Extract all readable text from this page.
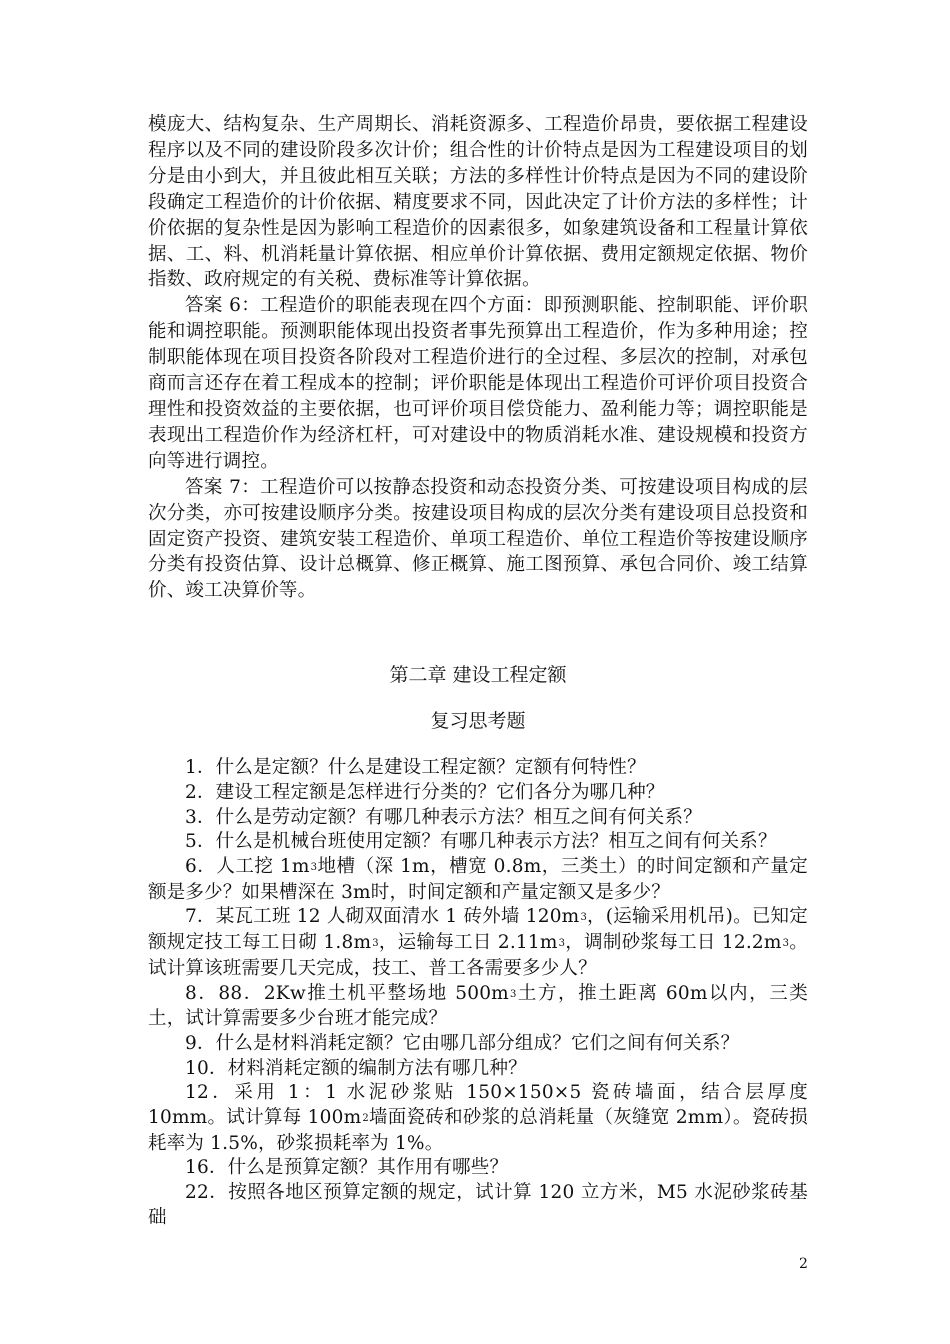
模庞大、结构复杂、生产周期长、消耗资源多、工程造价昂贵，要依据工程建设程序以及不同的建设阶段多次计价；组合性的计价特点是因为工程建设项目的划分是由小到大，并且彼此相互关联；方法的多样性计价特点是因为不同的建设阶段确定工程造价的计价依据、精度要求不同，因此决定了计价方法的多样性；计价依据的复杂性是因为影响工程造价的因素很多，如象建筑设备和工程量计算依据、工、料、机消耗量计算依据、相应单价计算依据、费用定额规定依据、物价指数、政府规定的有关税、费标准等计算依据。

答案 6：工程造价的职能表现在四个方面：即预测职能、控制职能、评价职能和调控职能。预测职能体现出投资者事先预算出工程造价，作为多种用途；控制职能体现在项目投资各阶段对工程造价进行的全过程、多层次的控制，对承包商而言还存在着工程成本的控制；评价职能是体现出工程造价可评价项目投资合理性和投资效益的主要依据，也可评价项目偿贷能力、盈利能力等；调控职能是表现出工程造价作为经济杠杆，可对建设中的物质消耗水准、建设规模和投资方向等进行调控。

答案 7：工程造价可以按静态投资和动态投资分类、可按建设项目构成的层次分类，亦可按建设顺序分类。按建设项目构成的层次分类有建设项目总投资和固定资产投资、建筑安装工程造价、单项工程造价、单位工程造价等按建设顺序分类有投资估算、设计总概算、修正概算、施工图预算、承包合同价、竣工结算价、竣工决算价等。

第二章 建设工程定额
复习思考题

1．什么是定额？什么是建设工程定额？定额有何特性？

2．建设工程定额是怎样进行分类的？它们各分为哪几种？

3．什么是劳动定额？有哪几种表示方法？相互之间有何关系？

5．什么是机械台班使用定额？有哪几种表示方法？相互之间有何关系？

6．人工挖 $1m^3$地槽（深 1m，槽宽 0.8m，三类土）的时间定额和产量定额是多少？如果槽深在 3m时，时间定额和产量定额又是多少？

7．某瓦工班 12 人砌双面清水 1 砖外墙 $120m^3$，(运输采用机吊)。已知定额规定技工每工日砌 $1.8m^3$，运输每工日 $2.11m^3$，调制砂浆每工日 $12.2m^3$。试计算该班需要几天完成，技工、普工各需要多少人？

8．88．2Kw推土机平整场地 $500m^3$土方，推土距离 60m以内，三类土，试计算需要多少台班才能完成？

9．什么是材料消耗定额？它由哪几部分组成？它们之间有何关系？

10．材料消耗定额的编制方法有哪几种？

12．采用 1：1 水泥砂浆贴 150×150×5 瓷砖墙面，结合层厚度 10mm。试计算每 $100m^2$墙面瓷砖和砂浆的总消耗量（灰缝宽 2mm）。瓷砖损耗率为 1.5%，砂浆损耗率为 1%。

16．什么是预算定额？其作用有哪些？

22．按照各地区预算定额的规定，试计算 120 立方米，M5 水泥砂浆砖基础

2
